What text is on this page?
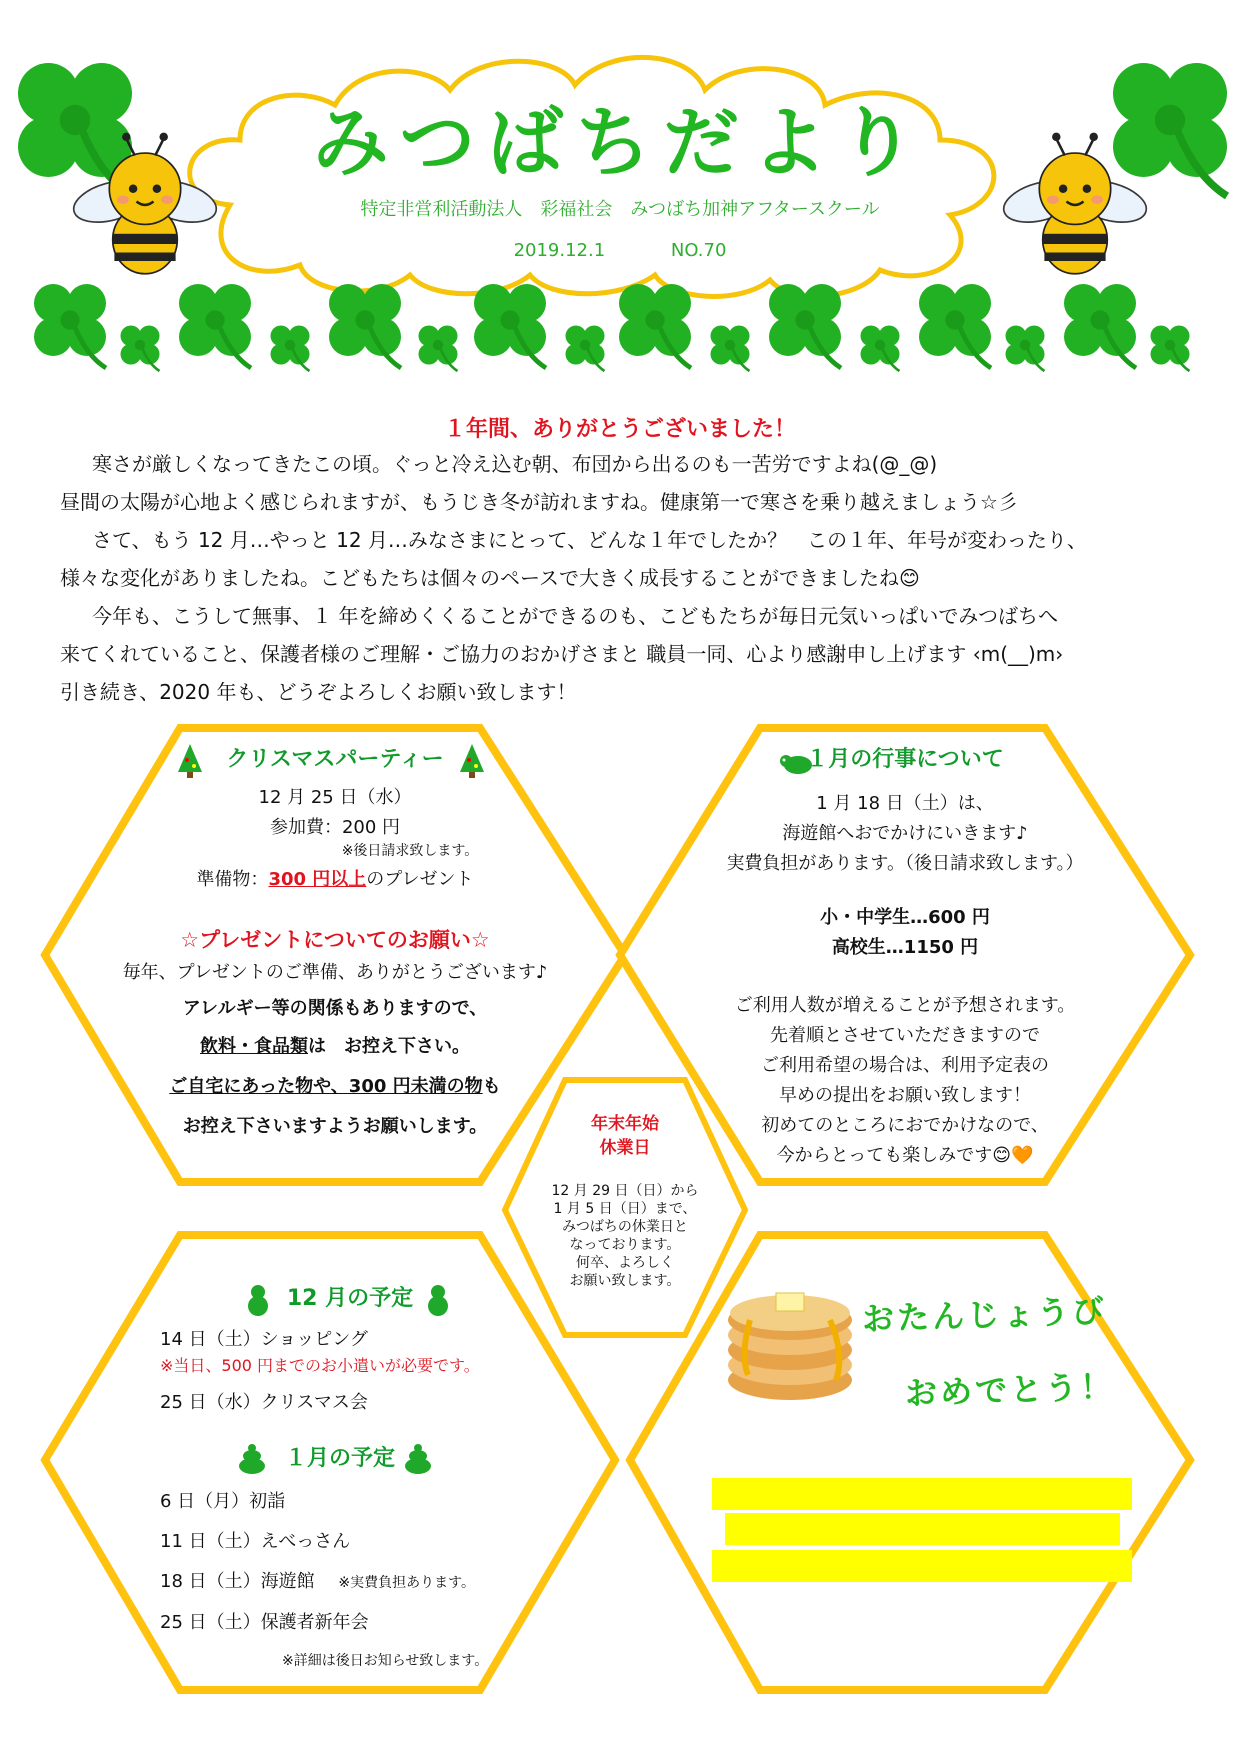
みつばちだより
特定非営利活動法人　彩福社会　みつばち加神アフタースクール
2019.12.1	NO.70
１年間、ありがとうございました！

寒さが厳しくなってきたこの頃。ぐっと冷え込む朝、布団から出るのも一苦労ですよね(@_@)

昼間の太陽が心地よく感じられますが、もうじき冬が訪れますね。健康第一で寒さを乗り越えましょう☆彡

さて、もう 12 月…やっと 12 月…みなさまにとって、どんな１年でしたか？　この１年、年号が変わったり、

様々な変化がありましたね。こどもたちは個々のペースで大きく成長することができましたね😊

今年も、こうして無事、１ 年を締めくくることができるのも、こどもたちが毎日元気いっぱいでみつばちへ

来てくれていること、保護者様のご理解・ご協力のおかげさまと 職員一同、心より感謝申し上げます ‹m(__)m›

引き続き、2020 年も、どうぞよろしくお願い致します！

クリスマスパーティー
12 月 25 日（水）
参加費：200 円
※後日請求致します。
準備物：300 円以上のプレゼント
☆プレゼントについてのお願い☆
毎年、プレゼントのご準備、ありがとうございます♪
アレルギー等の関係もありますので、
飲料・食品類は　お控え下さい。
ご自宅にあった物や、300 円未満の物も
お控え下さいますようお願いします。
１月の行事について
1 月 18 日（土）は、
海遊館へおでかけにいきます♪
実費負担があります。（後日請求致します。）
小・中学生…600 円
高校生…1150 円
ご利用人数が増えることが予想されます。
先着順とさせていただきますので
ご利用希望の場合は、利用予定表の
早めの提出をお願い致します！
初めてのところにおでかけなので、
今からとっても楽しみです😊🧡
年末年始
休業日
12 月 29 日（日）から
1 月 5 日（日）まで、
みつばちの休業日と
なっております。
何卒、よろしく
お願い致します。
12 月の予定
14 日（土）ショッピング
※当日、500 円までのお小遣いが必要です。
25 日（水）クリスマス会
１月の予定
6 日（月）初詣
11 日（土）えべっさん
18 日（土）海遊館 ※実費負担あります。
25 日（土）保護者新年会
※詳細は後日お知らせ致します。
おたんじょうび
おめでとう！
